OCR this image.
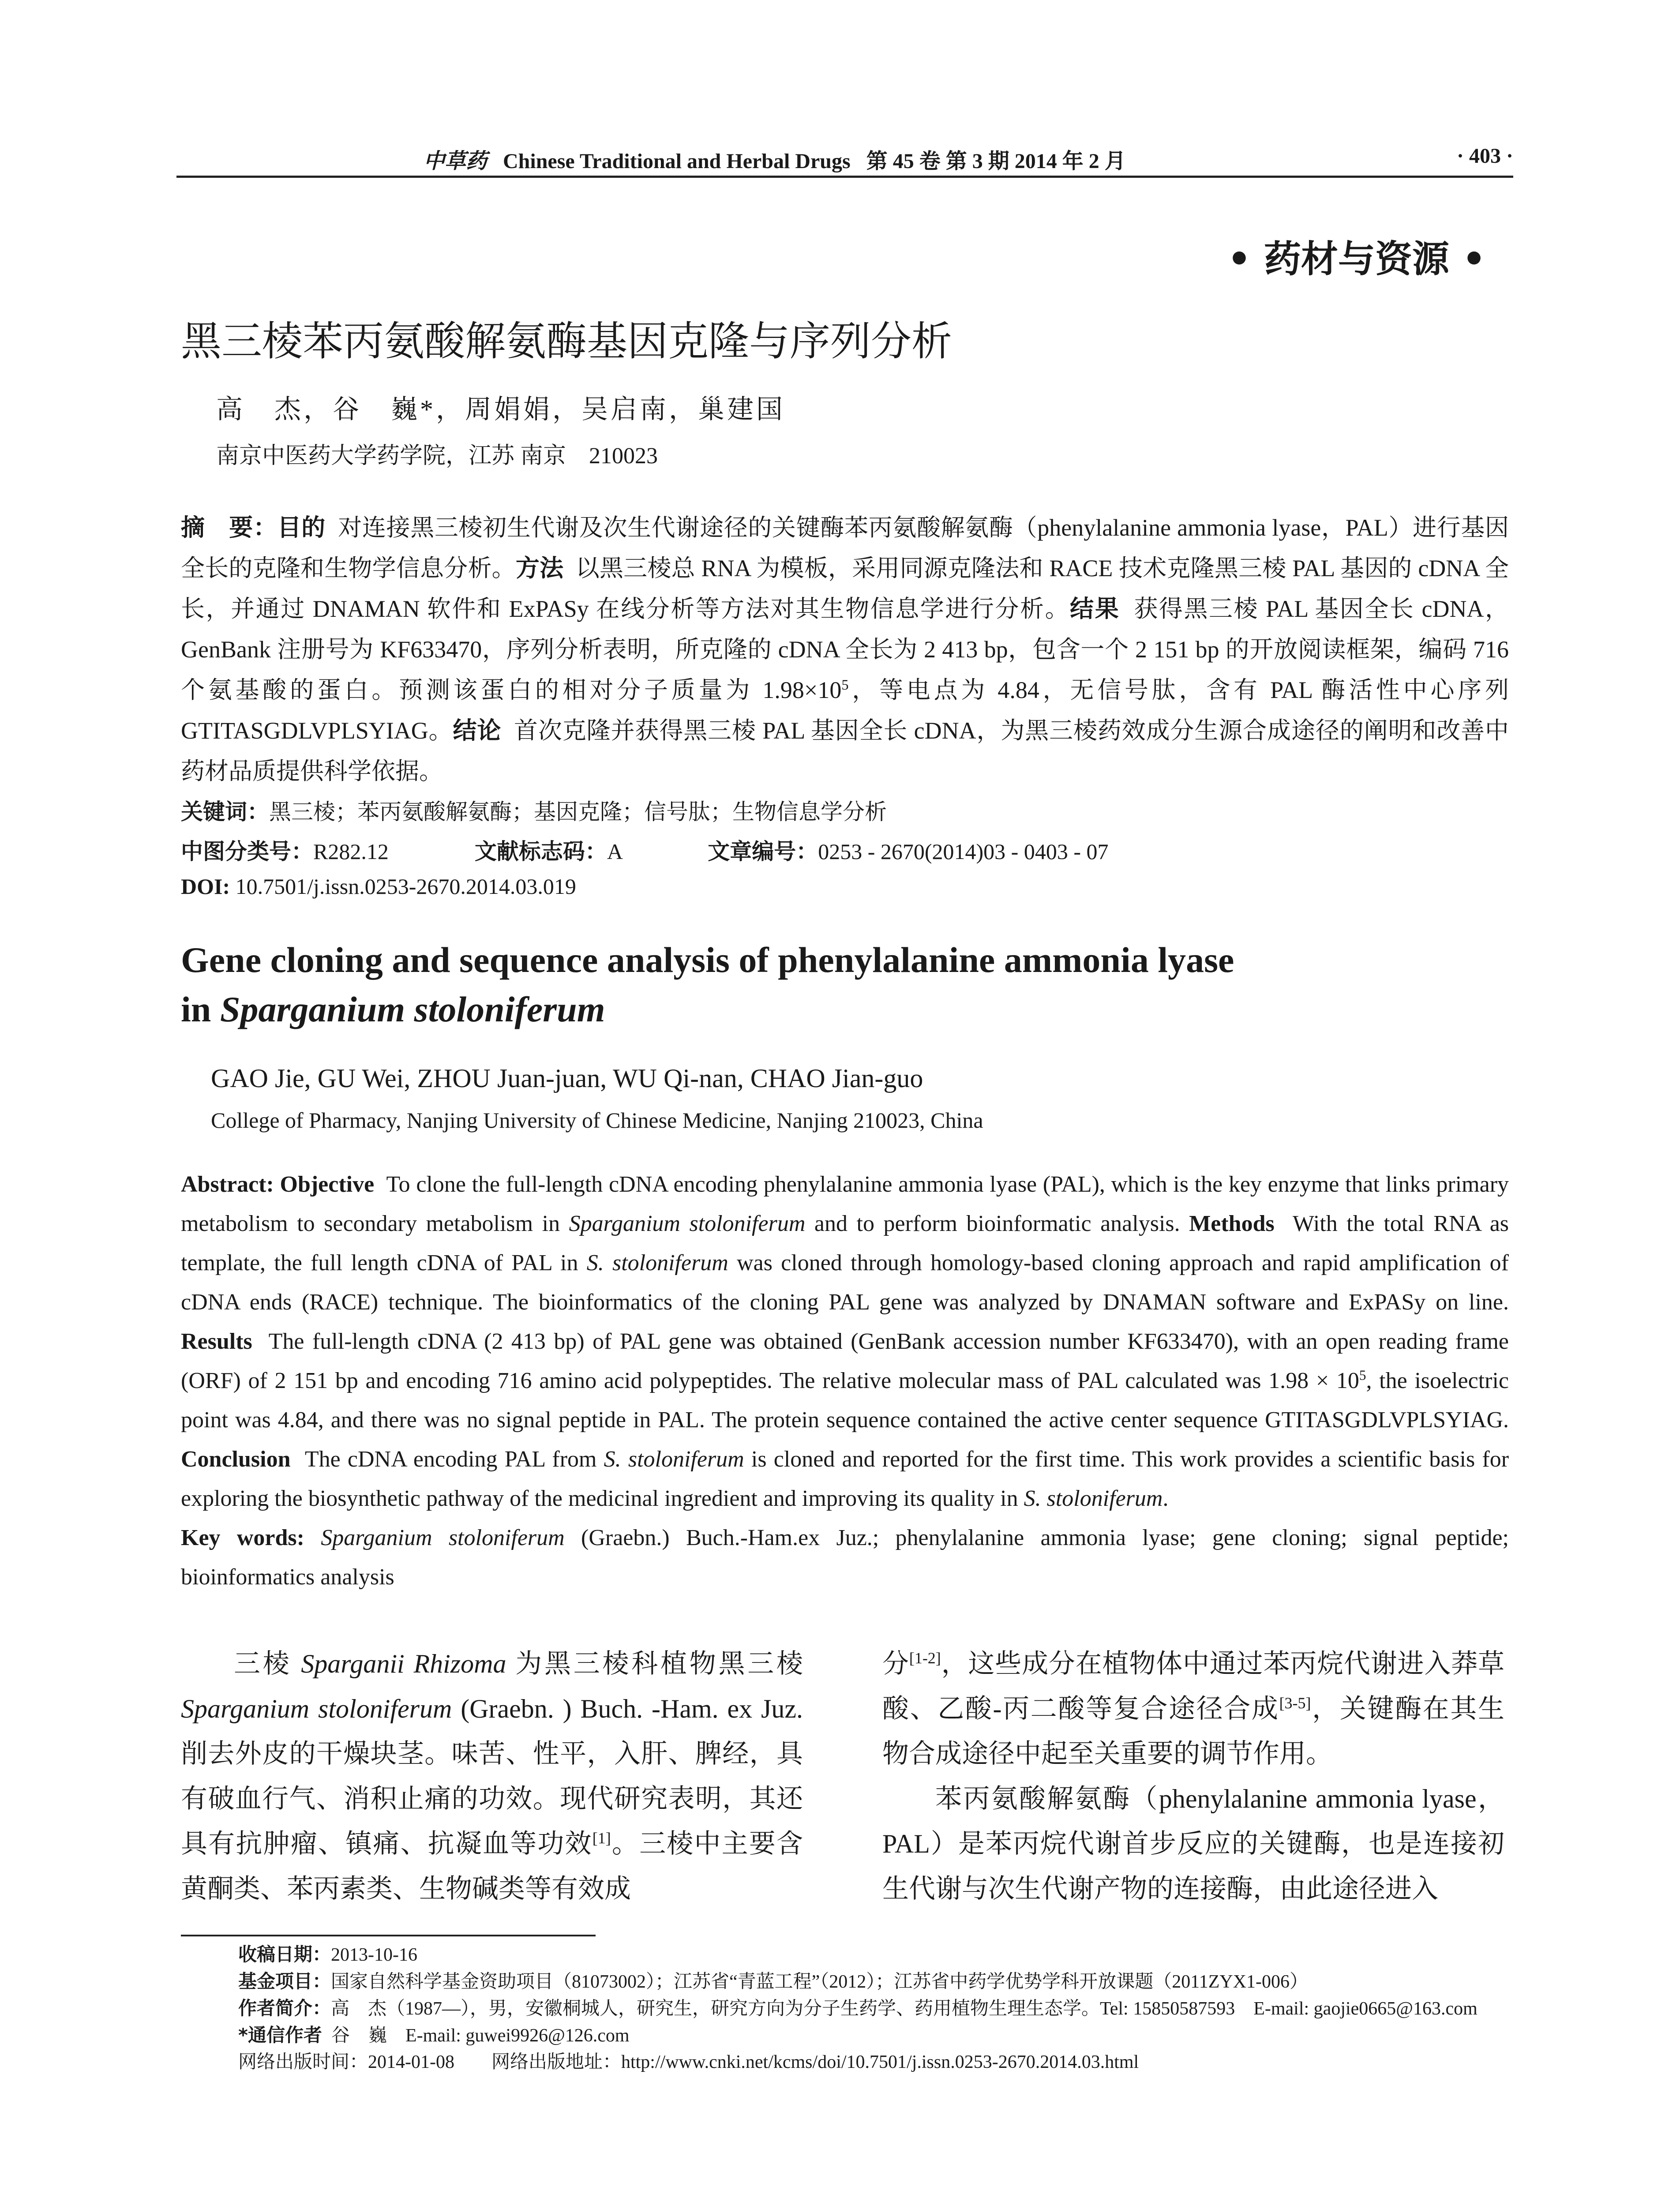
中草药 Chinese Traditional and Herbal Drugs 第 45 卷 第 3 期 2014 年 2 月	· 403 ·
• 药材与资源 •
黑三棱苯丙氨酸解氨酶基因克隆与序列分析
高　杰，谷　巍*，周娟娟，吴启南，巢建国
南京中医药大学药学院，江苏 南京　210023
摘　要：目的 对连接黑三棱初生代谢及次生代谢途径的关键酶苯丙氨酸解氨酶（phenylalanine ammonia lyase，PAL）进行基因全长的克隆和生物学信息分析。方法 以黑三棱总 RNA 为模板，采用同源克隆法和 RACE 技术克隆黑三棱 PAL 基因的 cDNA 全长，并通过 DNAMAN 软件和 ExPASy 在线分析等方法对其生物信息学进行分析。结果 获得黑三棱 PAL 基因全长 cDNA，GenBank 注册号为 KF633470，序列分析表明，所克隆的 cDNA 全长为 2 413 bp，包含一个 2 151 bp 的开放阅读框架，编码 716 个氨基酸的蛋白。预测该蛋白的相对分子质量为 $1.98\times 10^5$，等电点为 4.84，无信号肽，含有 PAL 酶活性中心序列 GTITASGDLVPLSYIAG。结论 首次克隆并获得黑三棱 PAL 基因全长 cDNA，为黑三棱药效成分生源合成途径的阐明和改善中药材品质提供科学依据。
关键词：黑三棱；苯丙氨酸解氨酶；基因克隆；信号肽；生物信息学分析
中图分类号：R282.12	文献标志码：A	文章编号：0253 - 2670(2014)03 - 0403 - 07
DOI: 10.7501/j.issn.0253-2670.2014.03.019
Gene cloning and sequence analysis of phenylalanine ammonia lyase
in Sparganium stoloniferum
GAO Jie, GU Wei, ZHOU Juan-juan, WU Qi-nan, CHAO Jian-guo
College of Pharmacy, Nanjing University of Chinese Medicine, Nanjing 210023, China
Abstract: Objective To clone the full-length cDNA encoding phenylalanine ammonia lyase (PAL), which is the key enzyme that links primary metabolism to secondary metabolism in Sparganium stoloniferum and to perform bioinformatic analysis. Methods With the total RNA as template, the full length cDNA of PAL in S. stoloniferum was cloned through homology-based cloning approach and rapid amplification of cDNA ends (RACE) technique. The bioinformatics of the cloning PAL gene was analyzed by DNAMAN software and ExPASy on line. Results The full-length cDNA (2 413 bp) of PAL gene was obtained (GenBank accession number KF633470), with an open reading frame (ORF) of 2 151 bp and encoding 716 amino acid polypeptides. The relative molecular mass of PAL calculated was $1.98 \times 10^5$, the isoelectric point was 4.84, and there was no signal peptide in PAL. The protein sequence contained the active center sequence GTITASGDLVPLSYIAG. Conclusion The cDNA encoding PAL from S. stoloniferum is cloned and reported for the first time. This work provides a scientific basis for exploring the biosynthetic pathway of the medicinal ingredient and improving its quality in S. stoloniferum.
Key words: Sparganium stoloniferum (Graebn.) Buch.-Ham.ex Juz.; phenylalanine ammonia lyase; gene cloning; signal peptide; bioinformatics analysis
三棱 Sparganii Rhizoma 为黑三棱科植物黑三棱 Sparganium stoloniferum (Graebn. ) Buch. -Ham. ex Juz. 削去外皮的干燥块茎。味苦、性平，入肝、脾经，具有破血行气、消积止痛的功效。现代研究表明，其还具有抗肿瘤、镇痛、抗凝血等功效[1]。三棱中主要含黄酮类、苯丙素类、生物碱类等有效成
分[1-2]，这些成分在植物体中通过苯丙烷代谢进入莽草酸、乙酸-丙二酸等复合途径合成[3-5]，关键酶在其生物合成途径中起至关重要的调节作用。
苯丙氨酸解氨酶（phenylalanine ammonia lyase，PAL）是苯丙烷代谢首步反应的关键酶，也是连接初生代谢与次生代谢产物的连接酶，由此途径进入
收稿日期：2013-10-16
基金项目：国家自然科学基金资助项目（81073002）；江苏省“青蓝工程”（2012）；江苏省中药学优势学科开放课题（2011ZYX1-006）
作者简介：高　杰（1987—），男，安徽桐城人，研究生，研究方向为分子生药学、药用植物生理生态学。Tel: 15850587593　E-mail: gaojie0665@163.com
*通信作者 谷　巍　E-mail: guwei9926@126.com
网络出版时间：2014-01-08　　网络出版地址：http://www.cnki.net/kcms/doi/10.7501/j.issn.0253-2670.2014.03.html
